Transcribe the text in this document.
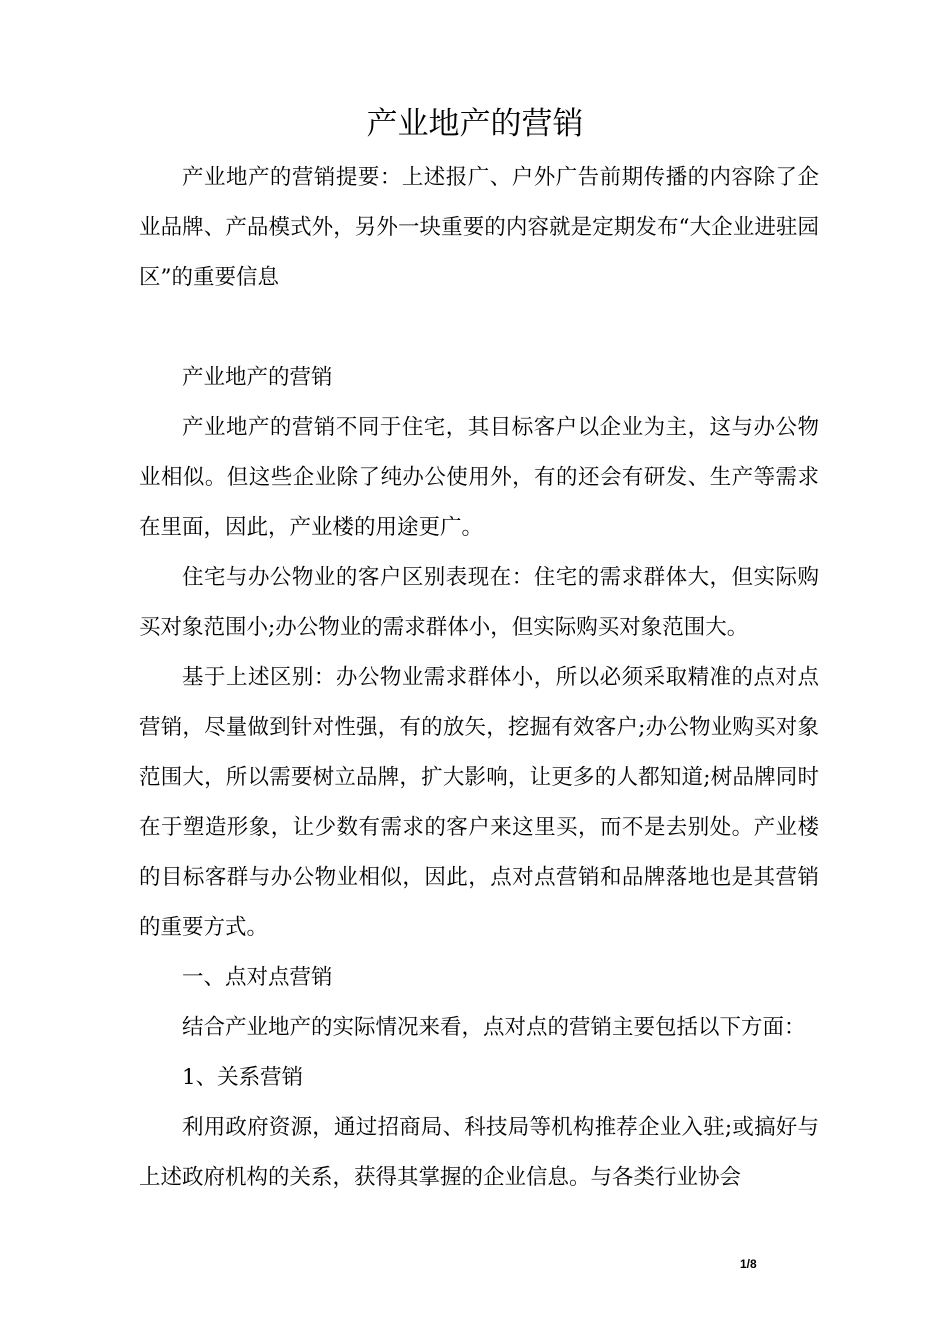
产业地产的营销

产业地产的营销提要：上述报广、户外广告前期传播的内容除了企业品牌、产品模式外，另外一块重要的内容就是定期发布“大企业进驻园区”的重要信息

产业地产的营销

产业地产的营销不同于住宅，其目标客户以企业为主，这与办公物业相似。但这些企业除了纯办公使用外，有的还会有研发、生产等需求在里面，因此，产业楼的用途更广。

住宅与办公物业的客户区别表现在：住宅的需求群体大，但实际购买对象范围小;办公物业的需求群体小，但实际购买对象范围大。

基于上述区别：办公物业需求群体小，所以必须采取精准的点对点营销，尽量做到针对性强，有的放矢，挖掘有效客户;办公物业购买对象范围大，所以需要树立品牌，扩大影响，让更多的人都知道;树品牌同时在于塑造形象，让少数有需求的客户来这里买，而不是去别处。产业楼的目标客群与办公物业相似，因此，点对点营销和品牌落地也是其营销的重要方式。

一、点对点营销

结合产业地产的实际情况来看，点对点的营销主要包括以下方面：

1、关系营销

利用政府资源，通过招商局、科技局等机构推荐企业入驻;或搞好与上述政府机构的关系，获得其掌握的企业信息。与各类行业协会

1/8
